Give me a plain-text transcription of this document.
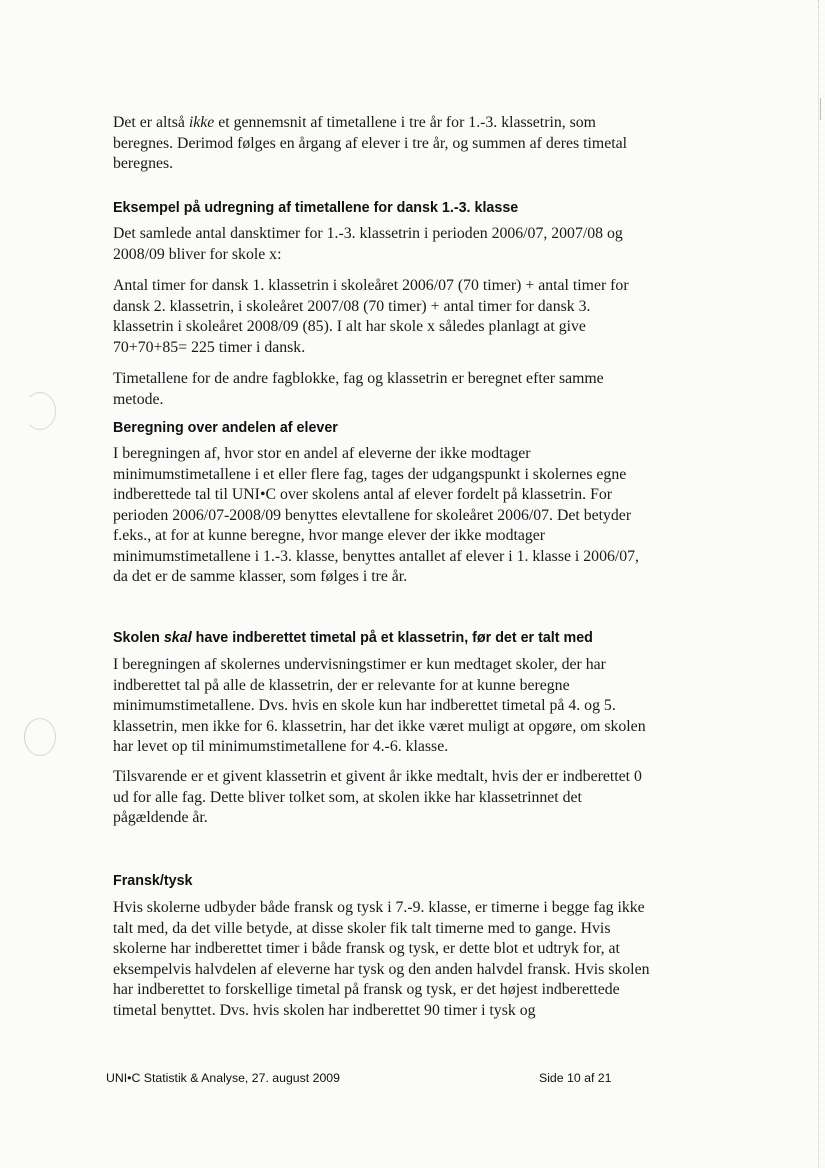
Det er altså ikke et gennemsnit af timetallene i tre år for 1.-3. klassetrin, som beregnes. Derimod følges en årgang af elever i tre år, og summen af deres timetal beregnes.

Eksempel på udregning af timetallene for dansk 1.-3. klasse

Det samlede antal dansktimer for 1.-3. klassetrin i perioden 2006/07, 2007/08 og 2008/09 bliver for skole x:

Antal timer for dansk 1. klassetrin i skoleåret 2006/07 (70 timer) + antal timer for dansk 2. klassetrin, i skoleåret 2007/08 (70 timer) + antal timer for dansk 3. klassetrin i skoleåret 2008/09 (85). I alt har skole x således planlagt at give 70+70+85= 225 timer i dansk.

Timetallene for de andre fagblokke, fag og klassetrin er beregnet efter samme metode.

Beregning over andelen af elever

I beregningen af, hvor stor en andel af eleverne der ikke modtager minimumstimetallene i et eller flere fag, tages der udgangspunkt i skolernes egne indberettede tal til UNI•C over skolens antal af elever fordelt på klassetrin. For perioden 2006/07-2008/09 benyttes elevtallene for skoleåret 2006/07. Det betyder f.eks., at for at kunne beregne, hvor mange elever der ikke modtager minimumstimetallene i 1.-3. klasse, benyttes antallet af elever i 1. klasse i 2006/07, da det er de samme klasser, som følges i tre år.

Skolen skal have indberettet timetal på et klassetrin, før det er talt med

I beregningen af skolernes undervisningstimer er kun medtaget skoler, der har indberettet tal på alle de klassetrin, der er relevante for at kunne beregne minimumstimetallene. Dvs. hvis en skole kun har indberettet timetal på 4. og 5. klassetrin, men ikke for 6. klassetrin, har det ikke været muligt at opgøre, om skolen har levet op til minimumstimetallene for 4.-6. klasse.

Tilsvarende er et givent klassetrin et givent år ikke medtalt, hvis der er indberettet 0 ud for alle fag. Dette bliver tolket som, at skolen ikke har klassetrinnet det pågældende år.

Fransk/tysk

Hvis skolerne udbyder både fransk og tysk i 7.-9. klasse, er timerne i begge fag ikke talt med, da det ville betyde, at disse skoler fik talt timerne med to gange. Hvis skolerne har indberettet timer i både fransk og tysk, er dette blot et udtryk for, at eksempelvis halvdelen af eleverne har tysk og den anden halvdel fransk. Hvis skolen har indberettet to forskellige timetal på fransk og tysk, er det højest indberettede timetal benyttet. Dvs. hvis skolen har indberettet 90 timer i tysk og

UNI•C Statistik & Analyse, 27. august 2009	Side 10 af 21
